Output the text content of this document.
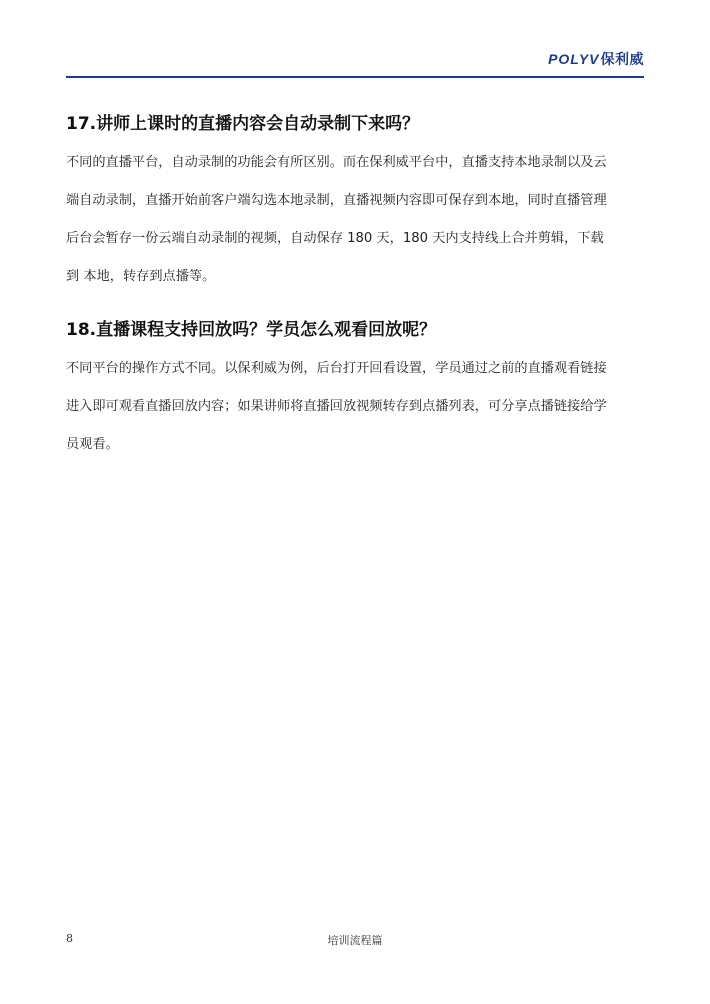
POLYV保利威
17.讲师上课时的直播内容会自动录制下来吗？

不同的直播平台，自动录制的功能会有所区别。而在保利威平台中，直播支持本地录制以及云
端自动录制，直播开始前客户端勾选本地录制，直播视频内容即可保存到本地，同时直播管理
后台会暂存一份云端自动录制的视频，自动保存 180 天，180 天内支持线上合并剪辑，下载
到 本地，转存到点播等。

18.直播课程支持回放吗？学员怎么观看回放呢？

不同平台的操作方式不同。以保利威为例，后台打开回看设置，学员通过之前的直播观看链接
进入即可观看直播回放内容；如果讲师将直播回放视频转存到点播列表，可分享点播链接给学
员观看。

8	培训流程篇
